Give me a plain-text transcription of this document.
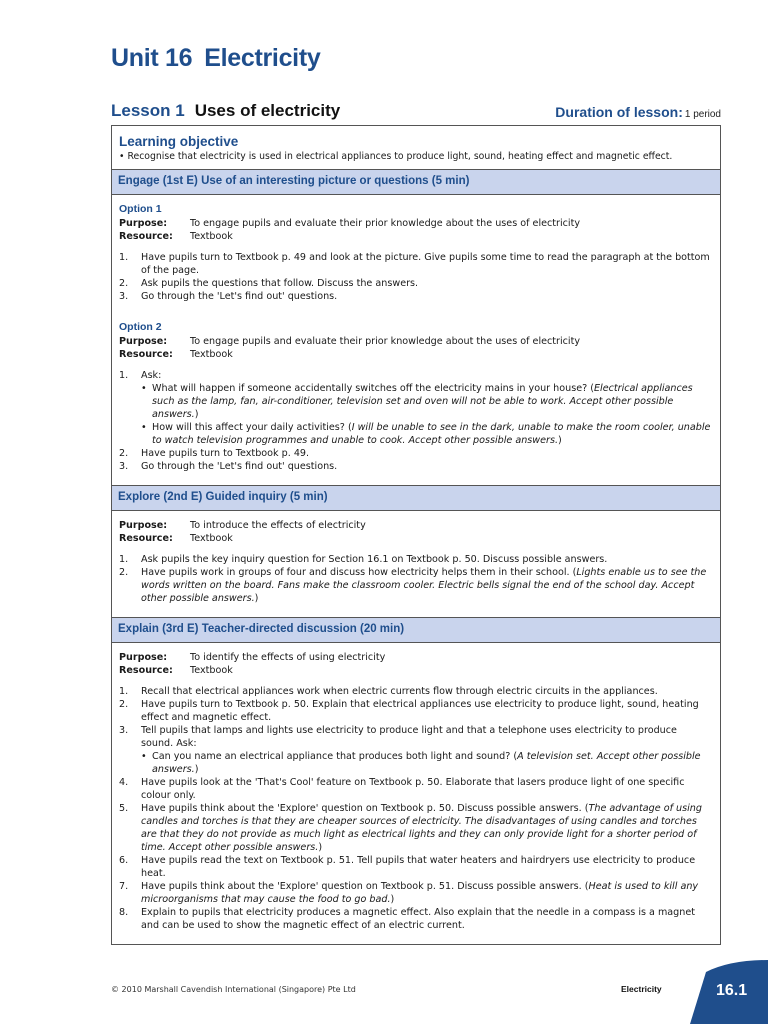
Unit 16 Electricity
Lesson 1 Uses of electricity	Duration of lesson: 1 period
Learning objective
• Recognise that electricity is used in electrical appliances to produce light, sound, heating effect and magnetic effect.
Engage (1st E) Use of an interesting picture or questions (5 min)
Option 1
Purpose:	To engage pupils and evaluate their prior knowledge about the uses of electricity
Resource:	Textbook
1.	Have pupils turn to Textbook p. 49 and look at the picture. Give pupils some time to read the paragraph at the bottom of the page.
2.	Ask pupils the questions that follow. Discuss the answers.
3.	Go through the 'Let's find out' questions.
Option 2
Purpose:	To engage pupils and evaluate their prior knowledge about the uses of electricity
Resource:	Textbook
1.	Ask:
• What will happen if someone accidentally switches off the electricity mains in your house? (Electrical appliances such as the lamp, fan, air-conditioner, television set and oven will not be able to work. Accept other possible answers.)
• How will this affect your daily activities? (I will be unable to see in the dark, unable to make the room cooler, unable to watch television programmes and unable to cook. Accept other possible answers.)
2.	Have pupils turn to Textbook p. 49.
3.	Go through the 'Let's find out' questions.
Explore (2nd E) Guided inquiry (5 min)
Purpose:	To introduce the effects of electricity
Resource:	Textbook
1.	Ask pupils the key inquiry question for Section 16.1 on Textbook p. 50. Discuss possible answers.
2.	Have pupils work in groups of four and discuss how electricity helps them in their school. (Lights enable us to see the words written on the board. Fans make the classroom cooler. Electric bells signal the end of the school day. Accept other possible answers.)
Explain (3rd E) Teacher-directed discussion (20 min)
Purpose:	To identify the effects of using electricity
Resource:	Textbook
1.	Recall that electrical appliances work when electric currents flow through electric circuits in the appliances.
2.	Have pupils turn to Textbook p. 50. Explain that electrical appliances use electricity to produce light, sound, heating effect and magnetic effect.
3.	Tell pupils that lamps and lights use electricity to produce light and that a telephone uses electricity to produce sound. Ask:
• Can you name an electrical appliance that produces both light and sound? (A television set. Accept other possible answers.)
4.	Have pupils look at the 'That's Cool' feature on Textbook p. 50. Elaborate that lasers produce light of one specific colour only.
5.	Have pupils think about the 'Explore' question on Textbook p. 50. Discuss possible answers. (The advantage of using candles and torches is that they are cheaper sources of electricity. The disadvantages of using candles and torches are that they do not provide as much light as electrical lights and they can only provide light for a shorter period of time. Accept other possible answers.)
6.	Have pupils read the text on Textbook p. 51. Tell pupils that water heaters and hairdryers use electricity to produce heat.
7.	Have pupils think about the 'Explore' question on Textbook p. 51. Discuss possible answers. (Heat is used to kill any microorganisms that may cause the food to go bad.)
8.	Explain to pupils that electricity produces a magnetic effect. Also explain that the needle in a compass is a magnet and can be used to show the magnetic effect of an electric current.
© 2010 Marshall Cavendish International (Singapore) Pte Ltd	Electricity	16.1
